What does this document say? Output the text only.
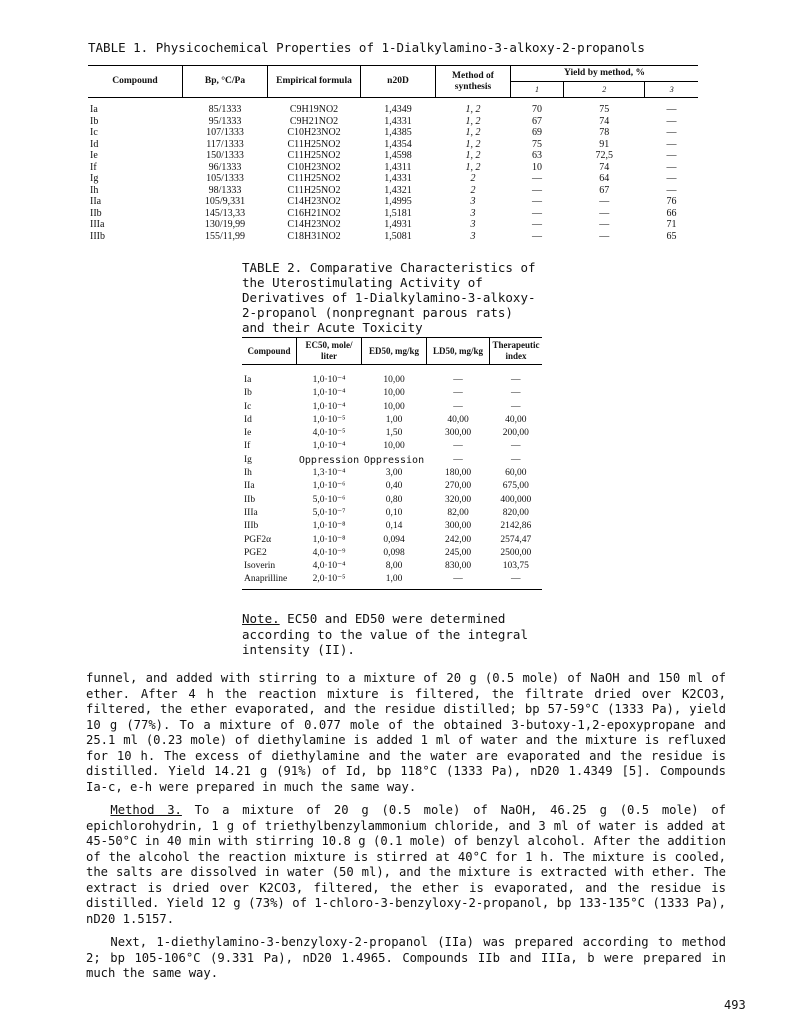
TABLE 1. Physicochemical Properties of 1-Dialkylamino-3-alkoxy-2-propanols
Compound	Bp, °C/Pa	Empirical formula	n20D	Method of synthesis	Yield by method, %		
					1	2	3
Ia	85/1333	C9H19NO2	1,4349	1, 2	70	75	—
Ib	95/1333	C9H21NO2	1,4331	1, 2	67	74	—
Ic	107/1333	C10H23NO2	1,4385	1, 2	69	78	—
Id	117/1333	C11H25NO2	1,4354	1, 2	75	91	—
Ie	150/1333	C11H25NO2	1,4598	1, 2	63	72,5	—
If	96/1333	C10H23NO2	1,4311	1, 2	10	74	—
Ig	105/1333	C11H25NO2	1,4331	2	—	64	—
Ih	98/1333	C11H25NO2	1,4321	2	—	67	—
IIa	105/9,331	C14H23NO2	1,4995	3	—	—	76
IIb	145/13,33	C16H21NO2	1,5181	3	—	—	66
IIIa	130/19,99	C14H23NO2	1,4931	3	—	—	71
IIIb	155/11,99	C18H31NO2	1,5081	3	—	—	65
TABLE 2. Comparative Characteristics of the Uterostimulating Activity of Derivatives of 1-Dialkylamino-3-alkoxy-2-propanol (nonpregnant parous rats) and their Acute Toxicity
Compound	EC50, mole/ liter	ED50, mg/kg	LD50, mg/kg	Therapeutic index
Ia	1,0·10⁻⁴	10,00	—	—
Ib	1,0·10⁻⁴	10,00	—	—
Ic	1,0·10⁻⁴	10,00	—	—
Id	1,0·10⁻⁵	1,00	40,00	40,00
Ie	4,0·10⁻⁵	1,50	300,00	200,00
If	1,0·10⁻⁴	10,00	—	—
Ig	Oppression	Oppression	—	—
Ih	1,3·10⁻⁴	3,00	180,00	60,00
IIa	1,0·10⁻⁶	0,40	270,00	675,00
IIb	5,0·10⁻⁶	0,80	320,00	400,000
IIIa	5,0·10⁻⁷	0,10	82,00	820,00
IIIb	1,0·10⁻⁸	0,14	300,00	2142,86
PGF2α	1,0·10⁻⁸	0,094	242,00	2574,47
PGE2	4,0·10⁻⁹	0,098	245,00	2500,00
Isoverin	4,0·10⁻⁴	8,00	830,00	103,75
Anaprilline	2,0·10⁻⁵	1,00	—	—
Note. EC50 and ED50 were determined according to the value of the integral intensity (II).

funnel, and added with stirring to a mixture of 20 g (0.5 mole) of NaOH and 150 ml of ether. After 4 h the reaction mixture is filtered, the filtrate dried over K2CO3, filtered, the ether evaporated, and the residue distilled; bp 57-59°C (1333 Pa), yield 10 g (77%). To a mixture of 0.077 mole of the obtained 3-butoxy-1,2-epoxypropane and 25.1 ml (0.23 mole) of diethylamine is added 1 ml of water and the mixture is refluxed for 10 h. The excess of diethylamine and the water are evaporated and the residue is distilled. Yield 14.21 g (91%) of Id, bp 118°C (1333 Pa), nD20 1.4349 [5]. Compounds Ia-c, e-h were prepared in much the same way.

Method 3. To a mixture of 20 g (0.5 mole) of NaOH, 46.25 g (0.5 mole) of epichlorohydrin, 1 g of triethylbenzylammonium chloride, and 3 ml of water is added at 45-50°C in 40 min with stirring 10.8 g (0.1 mole) of benzyl alcohol. After the addition of the alcohol the reaction mixture is stirred at 40°C for 1 h. The mixture is cooled, the salts are dissolved in water (50 ml), and the mixture is extracted with ether. The extract is dried over K2CO3, filtered, the ether is evaporated, and the residue is distilled. Yield 12 g (73%) of 1-chloro-3-benzyloxy-2-propanol, bp 133-135°C (1333 Pa), nD20 1.5157.

Next, 1-diethylamino-3-benzyloxy-2-propanol (IIa) was prepared according to method 2; bp 105-106°C (9.331 Pa), nD20 1.4965. Compounds IIb and IIIa, b were prepared in much the same way.

493
